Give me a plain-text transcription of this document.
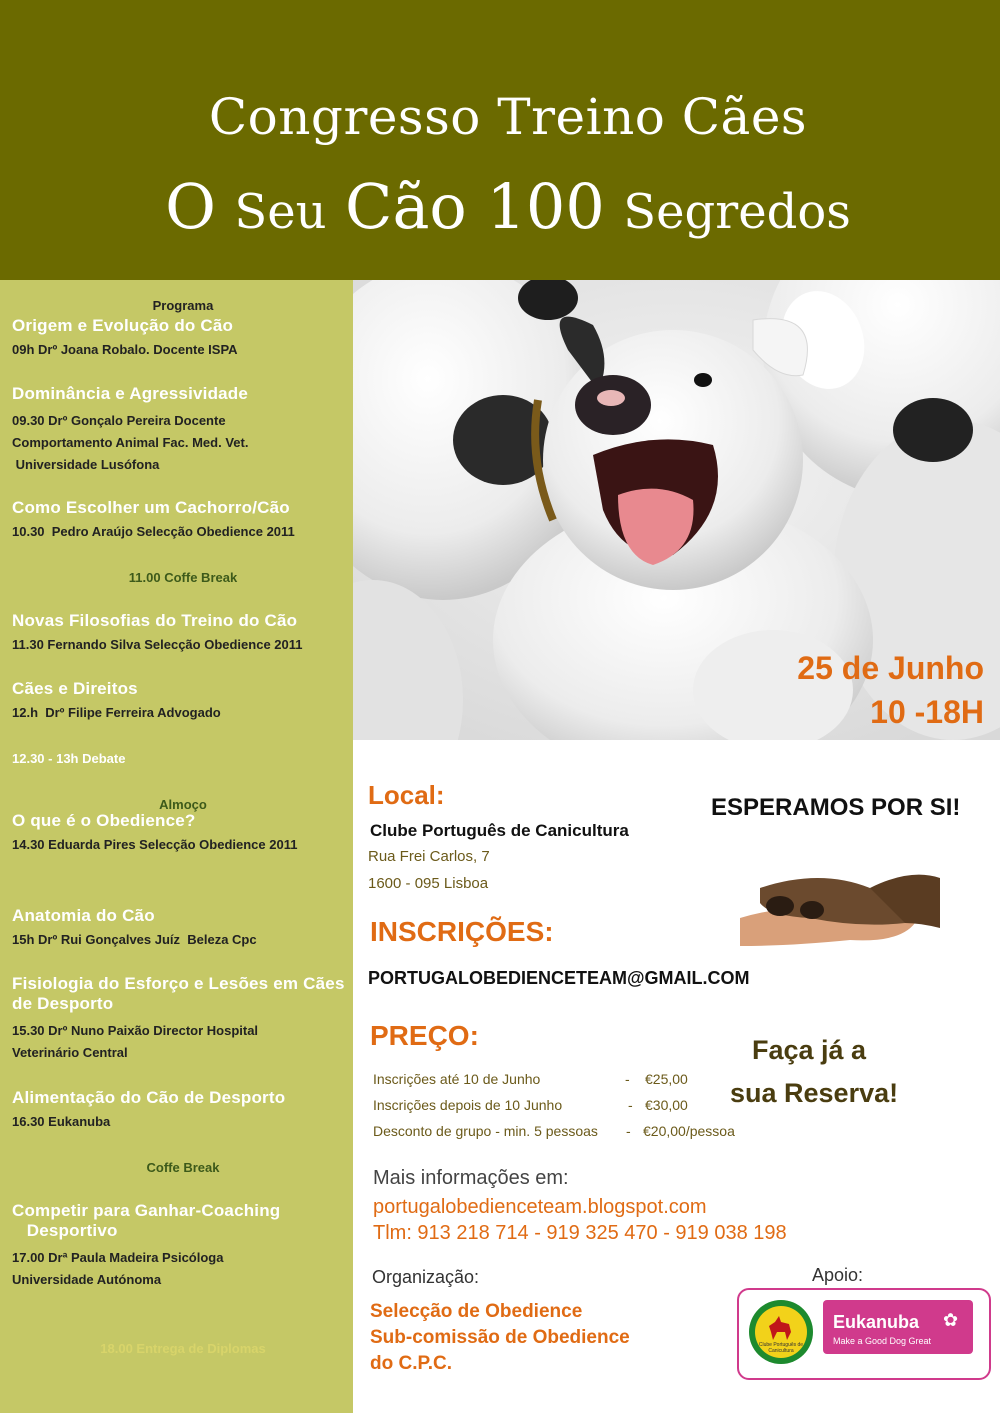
Congresso Treino Cães
O Seu Cão 100 Segredos
Programa
Origem e Evolução do Cão
09h Drº Joana Robalo. Docente ISPA
Dominância e Agressividade
09.30 Drº Gonçalo Pereira Docente
Comportamento Animal Fac. Med. Vet.
Universidade Lusófona
Como Escolher um Cachorro/Cão
10.30  Pedro Araújo Selecção Obedience 2011
11.00 Coffe Break
Novas Filosofias do Treino do Cão
11.30 Fernando Silva Selecção Obedience 2011
Cães e Direitos
12.h  Drº Filipe Ferreira Advogado
12.30 - 13h Debate
Almoço
O que é o Obedience?
14.30 Eduarda Pires Selecção Obedience 2011
Anatomia do Cão
15h Drº Rui Gonçalves Juíz  Beleza Cpc
Fisiologia do Esforço e Lesões em Cães
de Desporto
15.30 Drº Nuno Paixão Director Hospital
Veterinário Central
Alimentação do Cão de Desporto
16.30 Eukanuba
Coffe Break
Competir para Ganhar-Coaching
Desportivo
17.00 Drª Paula Madeira Psicóloga
Universidade Autónoma
18.00 Entrega de Diplomas
25 de Junho
10 -18H
Local:
Clube Português de Canicultura
Rua Frei Carlos, 7
1600 - 095 Lisboa
ESPERAMOS POR SI!
INSCRIÇÕES:
PORTUGALOBEDIENCETEAM@GMAIL.COM
PREÇO:
Inscrições até 10 de Junho	- €25,00
Inscrições depois de 10 Junho	- €30,00
Desconto de grupo - min. 5 pessoas - €20,00/pessoa
Faça já a
sua Reserva!
Mais informações em:
portugalobedienceteam.blogspot.com
Tlm: 913 218 714 - 919 325 470 - 919 038 198
Organização:
Selecção de Obedience
Sub-comissão de Obedience
do C.P.C.
Apoio:
Clube Português de Canicultura
Eukanuba ✿
Make a Good Dog Great
